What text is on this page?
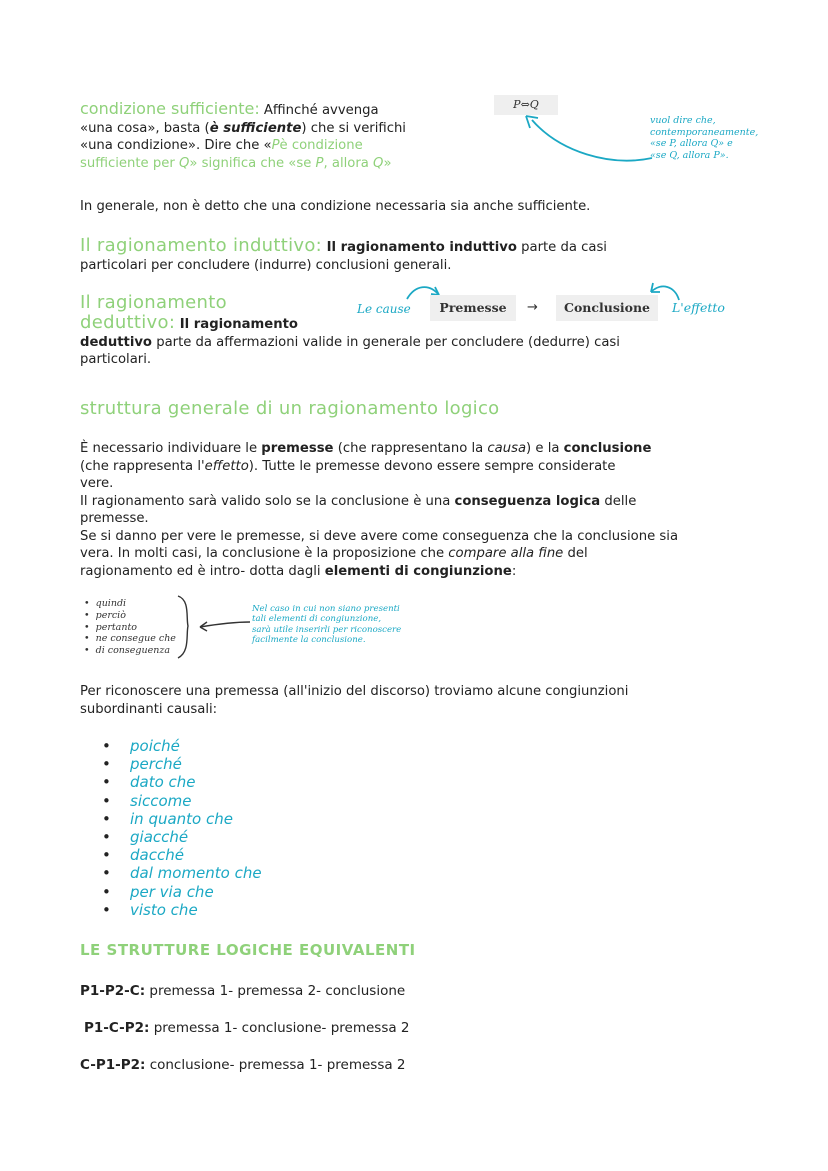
condizione sufficiente: Affinché avvenga
«una cosa», basta (è sufficiente) che si verifichi
«una condizione». Dire che «Pè condizione
sufficiente per Q» significa che «se P, allora Q»
P⇔Q
vuol dire che,
contemporaneamente,
«se P, allora Q» e
«se Q, allora P».
In generale, non è detto che una condizione necessaria sia anche sufficiente.
Il ragionamento induttivo: Il ragionamento induttivo parte da casi
particolari per concludere (indurre) conclusioni generali.
Il ragionamento
deduttivo: Il ragionamento
deduttivo parte da affermazioni valide in generale per concludere (dedurre) casi
particolari.
Le cause	Premesse	→	Conclusione	L'effetto
struttura generale di un ragionamento logico
È necessario individuare le premesse (che rappresentano la causa) e la conclusione
(che rappresenta l'effetto). Tutte le premesse devono essere sempre considerate
vere.
Il ragionamento sarà valido solo se la conclusione è una conseguenza logica delle
premesse.
Se si danno per vere le premesse, si deve avere come conseguenza che la conclusione sia
vera. In molti casi, la conclusione è la proposizione che compare alla fine del
ragionamento ed è intro- dotta dagli elementi di congiunzione:
• quindi
• perciò
• pertanto
• ne consegue che
• di conseguenza
Nel caso in cui non siano presenti
tali elementi di congiunzione,
sarà utile inserirli per riconoscere
facilmente la conclusione.
Per riconoscere una premessa (all'inizio del discorso) troviamo alcune congiunzioni
subordinanti causali:
• poiché
• perché
• dato che
• siccome
• in quanto che
• giacché
• dacché
• dal momento che
• per via che
• visto che
LE STRUTTURE LOGICHE EQUIVALENTI
P1-P2-C: premessa 1- premessa 2- conclusione
P1-C-P2: premessa 1- conclusione- premessa 2
C-P1-P2: conclusione- premessa 1- premessa 2
